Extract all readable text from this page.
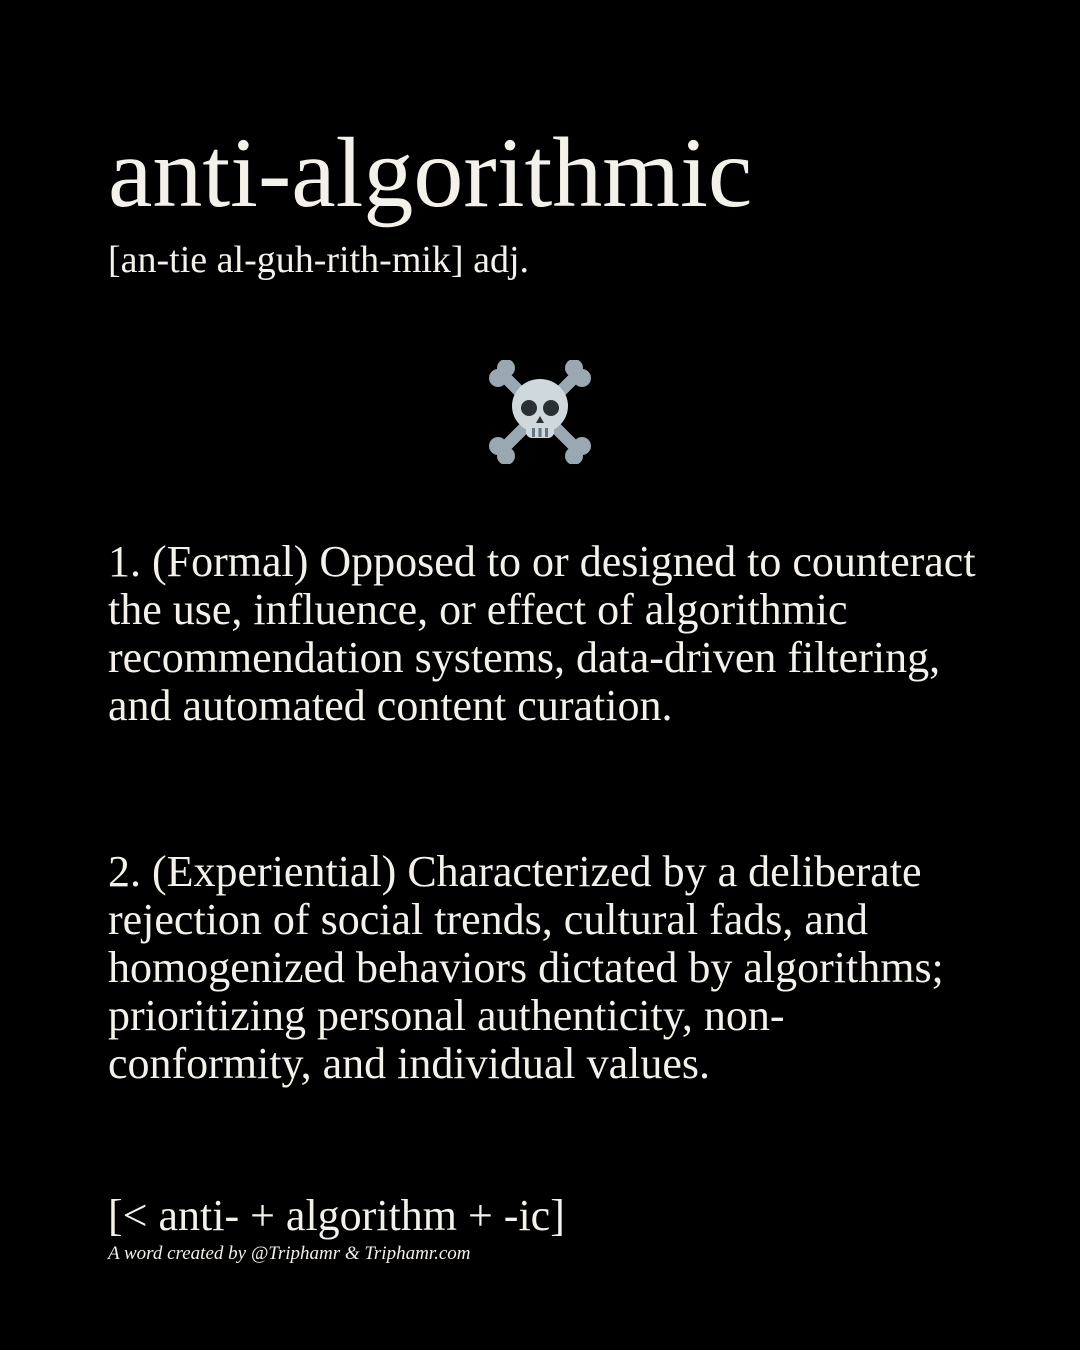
anti-algorithmic
[an-tie al-guh-rith-mik] adj.

1. (Formal) Opposed to or designed to counteract the use, influence, or effect of algorithmic recommendation systems, data-driven filtering, and automated content curation.

2. (Experiential) Characterized by a deliberate rejection of social trends, cultural fads, and homogenized behaviors dictated by algorithms; prioritizing personal authenticity, non-conformity, and individual values.

[< anti- + algorithm + -ic]
A word created by @Triphamr & Triphamr.com
